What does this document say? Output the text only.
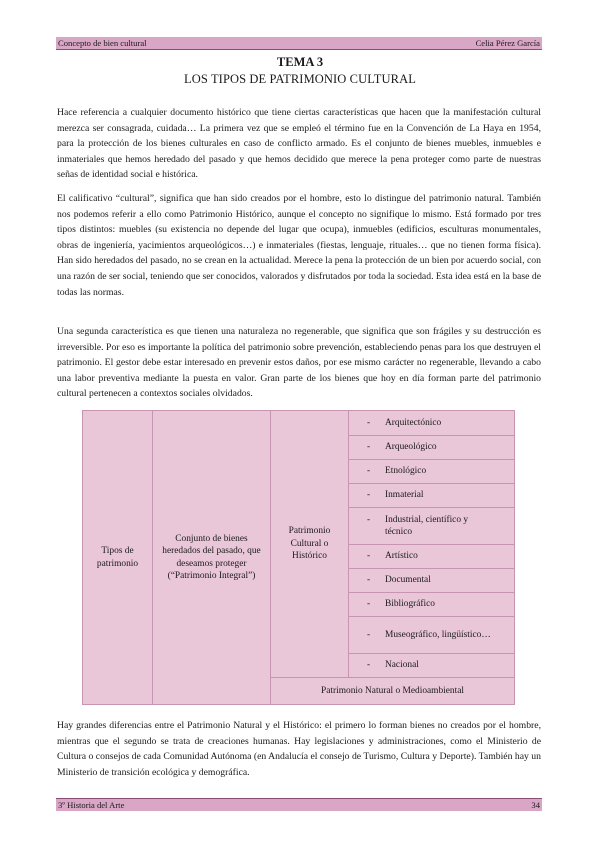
Concepto de bien cultural	Celia Pérez García
TEMA 3
LOS TIPOS DE PATRIMONIO CULTURAL

Hace referencia a cualquier documento histórico que tiene ciertas características que hacen que la manifestación cultural merezca ser consagrada, cuidada… La primera vez que se empleó el término fue en la Convención de La Haya en 1954, para la protección de los bienes culturales en caso de conflicto armado. Es el conjunto de bienes muebles, inmuebles e inmateriales que hemos heredado del pasado y que hemos decidido que merece la pena proteger como parte de nuestras señas de identidad social e histórica.

El calificativo “cultural”, significa que han sido creados por el hombre, esto lo distingue del patrimonio natural. También nos podemos referir a ello como Patrimonio Histórico, aunque el concepto no signifique lo mismo. Está formado por tres tipos distintos: muebles (su existencia no depende del lugar que ocupa), inmuebles (edificios, esculturas monumentales, obras de ingeniería, yacimientos arqueológicos…) e inmateriales (fiestas, lenguaje, rituales… que no tienen forma física). Han sido heredados del pasado, no se crean en la actualidad. Merece la pena la protección de un bien por acuerdo social, con una razón de ser social, teniendo que ser conocidos, valorados y disfrutados por toda la sociedad. Esta idea está en la base de todas las normas.

Una segunda característica es que tienen una naturaleza no regenerable, que significa que son frágiles y su destrucción es irreversible. Por eso es importante la política del patrimonio sobre prevención, estableciendo penas para los que destruyen el patrimonio. El gestor debe estar interesado en prevenir estos daños, por ese mismo carácter no regenerable, llevando a cabo una labor preventiva mediante la puesta en valor. Gran parte de los bienes que hoy en día forman parte del patrimonio cultural pertenecen a contextos sociales olvidados.

Tipos de patrimonio	Conjunto de bienes heredados del pasado, que deseamos proteger (“Patrimonio Integral”)	Patrimonio Cultural o Histórico	- Arquitectónico
- Arqueológico
- Etnológico
- Inmaterial
- Industrial, científico y técnico
- Artístico
- Documental
- Bibliográfico
- Museográfico, lingüístico…
- Nacional
Patrimonio Natural o Medioambiental

Hay grandes diferencias entre el Patrimonio Natural y el Histórico: el primero lo forman bienes no creados por el hombre, mientras que el segundo se trata de creaciones humanas. Hay legislaciones y administraciones, como el Ministerio de Cultura o consejos de cada Comunidad Autónoma (en Andalucía el consejo de Turismo, Cultura y Deporte). También hay un Ministerio de transición ecológica y demográfica.

3º Historia del Arte	34
